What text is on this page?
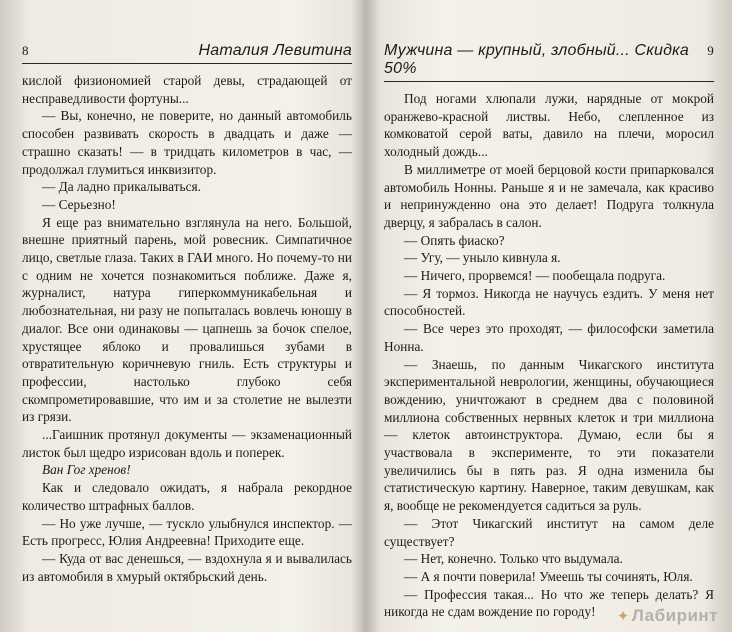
8	Наталия Левитина

кислой физиономией старой девы, страдающей от несправедливости фортуны...

— Вы, конечно, не поверите, но данный автомобиль способен развивать скорость в двадцать и даже — страшно сказать! — в тридцать километров в час, — продолжал глумиться инквизитор.

— Да ладно прикалываться.

— Серьезно!

Я еще раз внимательно взглянула на него. Большой, внешне приятный парень, мой ровесник. Симпатичное лицо, светлые глаза. Таких в ГАИ много. Но почему-то ни с одним не хочется познакомиться поближе. Даже я, журналист, натура гиперкоммуникабельная и любознательная, ни разу не попыталась вовлечь юношу в диалог. Все они одинаковы — цапнешь за бочок спелое, хрустящее яблоко и провалишься зубами в отвратительную коричневую гниль. Есть структуры и профессии, настолько глубоко себя скомпрометировавшие, что им и за столетие не вылезти из грязи.

...Гаишник протянул документы — экзаменационный листок был щедро изрисован вдоль и поперек.

Ван Гог хренов!

Как и следовало ожидать, я набрала рекордное количество штрафных баллов.

— Но уже лучше, — тускло улыбнулся инспектор. — Есть прогресс, Юлия Андреевна! Приходите еще.

— Куда от вас денешься, — вздохнула я и вывалилась из автомобиля в хмурый октябрьский день.

Мужчина — крупный, злобный... Скидка 50%
9

Под ногами хлюпали лужи, нарядные от мокрой оранжево-красной листвы. Небо, слепленное из комковатой серой ваты, давило на плечи, моросил холодный дождь...

В миллиметре от моей берцовой кости припарковался автомобиль Нонны. Раньше я и не замечала, как красиво и непринужденно она это делает! Подруга толкнула дверцу, я забралась в салон.

— Опять фиаско?

— Угу, — уныло кивнула я.

— Ничего, прорвемся! — пообещала подруга.

— Я тормоз. Никогда не научусь ездить. У меня нет способностей.

— Все через это проходят, — философски заметила Нонна.

— Знаешь, по данным Чикагского института экспериментальной неврологии, женщины, обучающиеся вождению, уничтожают в среднем два с половиной миллиона собственных нервных клеток и три миллиона — клеток автоинструктора. Думаю, если бы я участвовала в эксперименте, то эти показатели увеличились бы в пять раз. Я одна изменила бы статистическую картину. Наверное, таким девушкам, как я, вообще не рекомендуется садиться за руль.

— Этот Чикагский институт на самом деле существует?

— Нет, конечно. Только что выдумала.

— А я почти поверила! Умеешь ты сочинять, Юля.

— Профессия такая... Но что же теперь делать? Я никогда не сдам вождение по городу!	✦ Лабиринт
